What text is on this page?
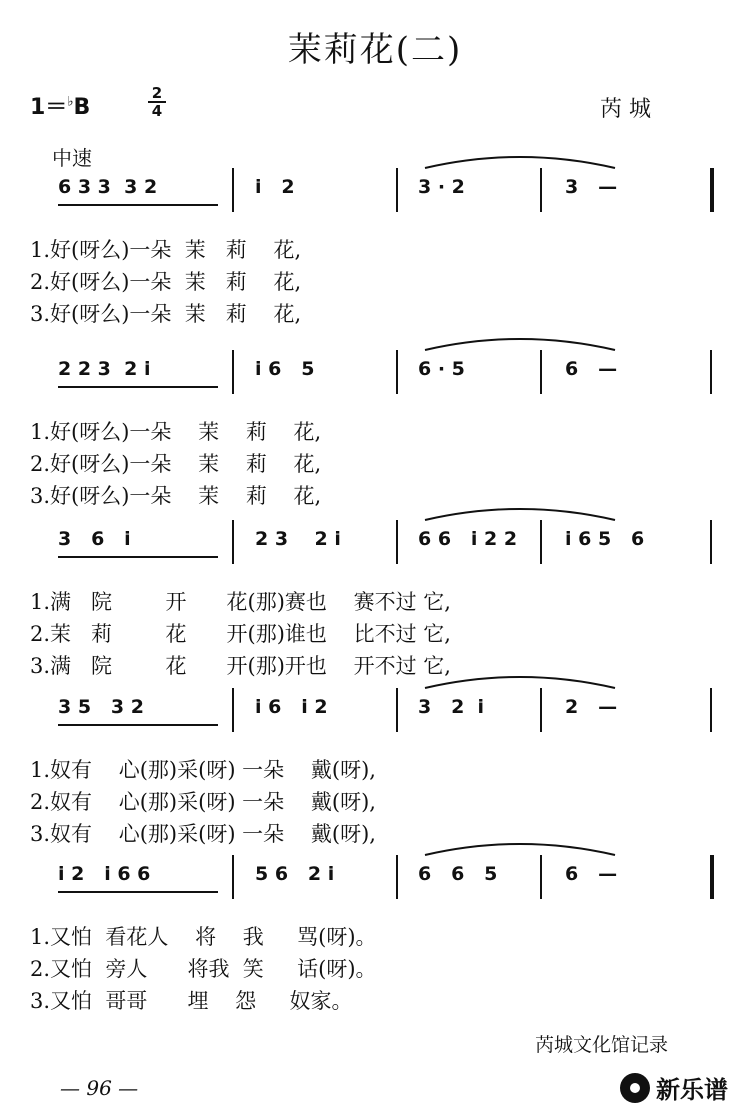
茉莉花(二)
1＝♭B
2
4	芮 城
中速
6 3 3  3 2	i   2	3 · 2	3   —
1.好(呀么)一朵  茉   莉    花,
2.好(呀么)一朵  茉   莉    花,
3.好(呀么)一朵  茉   莉    花,
2 2 3  2 i	i 6   5	6 · 5	6   —
1.好(呀么)一朵    茉    莉    花,
2.好(呀么)一朵    茉    莉    花,
3.好(呀么)一朵    茉    莉    花,
3   6   i	2 3    2 i	6 6   i 2 2	i 6 5   6
1.满   院        开      花(那)赛也    赛不过 它,
2.茉   莉        花      开(那)谁也    比不过 它,
3.满   院        花      开(那)开也    开不过 它,
3 5   3 2	i 6   i 2	3   2  i	2   —
1.奴有    心(那)采(呀) 一朵    戴(呀),
2.奴有    心(那)采(呀) 一朵    戴(呀),
3.奴有    心(那)采(呀) 一朵    戴(呀),
i 2   i 6 6	5 6   2 i	6   6   5	6   —
1.又怕  看花人    将    我     骂(呀)。
2.又怕  旁人      将我  笑     话(呀)。
3.又怕  哥哥      埋    怨     奴家。
芮城文化馆记录
— 96 —	新乐谱
